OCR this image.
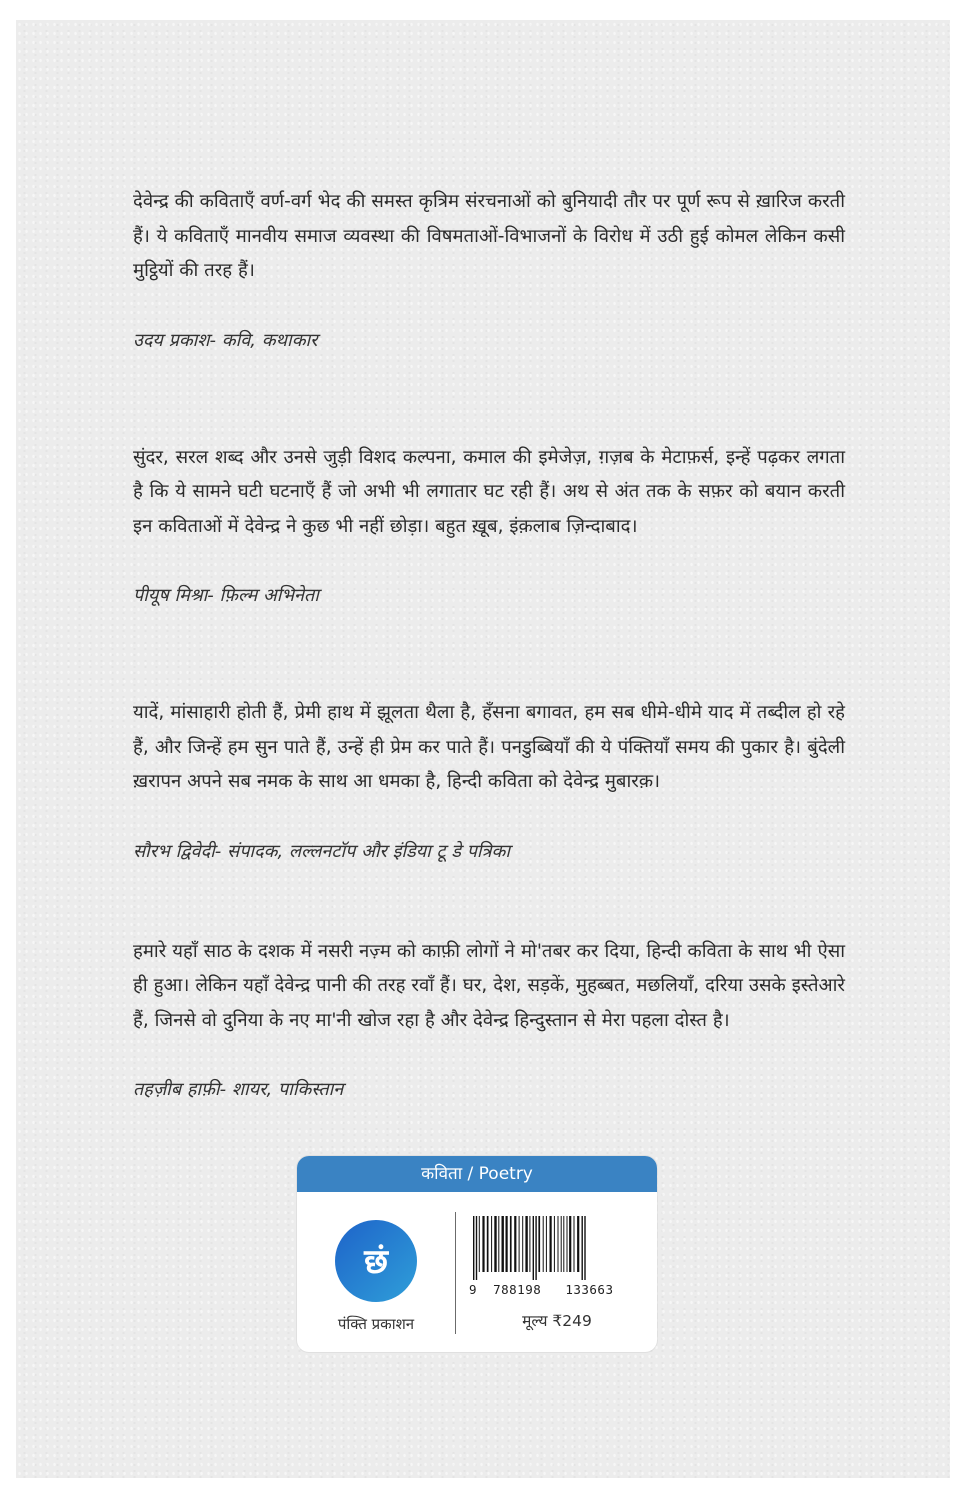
देवेन्द्र की कविताएँ वर्ण-वर्ग भेद की समस्त कृत्रिम संरचनाओं को बुनियादी तौर पर पूर्ण रूप से ख़ारिज करती हैं। ये कविताएँ मानवीय समाज व्यवस्था की विषमताओं-विभाजनों के विरोध में उठी हुई कोमल लेकिन कसी मुट्ठियों की तरह हैं।

उदय प्रकाश- कवि, कथाकार

सुंदर, सरल शब्द और उनसे जुड़ी विशद कल्पना, कमाल की इमेजेज़, ग़ज़ब के मेटाफ़र्स, इन्हें पढ़कर लगता है कि ये सामने घटी घटनाएँ हैं जो अभी भी लगातार घट रही हैं। अथ से अंत तक के सफ़र को बयान करती इन कविताओं में देवेन्द्र ने कुछ भी नहीं छोड़ा। बहुत ख़ूब, इंक़लाब ज़िन्दाबाद।

पीयूष मिश्रा- फ़िल्म अभिनेता

यादें, मांसाहारी होती हैं, प्रेमी हाथ में झूलता थैला है, हँसना बगावत, हम सब धीमे-धीमे याद में तब्दील हो रहे हैं, और जिन्हें हम सुन पाते हैं, उन्हें ही प्रेम कर पाते हैं। पनडुब्बियाँ की ये पंक्तियाँ समय की पुकार है। बुंदेली ख़रापन अपने सब नमक के साथ आ धमका है, हिन्दी कविता को देवेन्द्र मुबारक़।

सौरभ द्विवेदी- संपादक, लल्लनटॉप और इंडिया टू डे पत्रिका

हमारे यहाँ साठ के दशक में नसरी नज़्म को काफ़ी लोगों ने मो'तबर कर दिया, हिन्दी कविता के साथ भी ऐसा ही हुआ। लेकिन यहाँ देवेन्द्र पानी की तरह रवाँ हैं। घर, देश, सड़कें, मुहब्बत, मछलियाँ, दरिया उसके इस्तेआरे हैं, जिनसे वो दुनिया के नए मा'नी खोज रहा है और देवेन्द्र हिन्दुस्तान से मेरा पहला दोस्त है।

तहज़ीब हाफ़ी- शायर, पाकिस्तान

कविता / Poetry
छं
पंक्ति प्रकाशन
9 788198 133663
मूल्य ₹249
